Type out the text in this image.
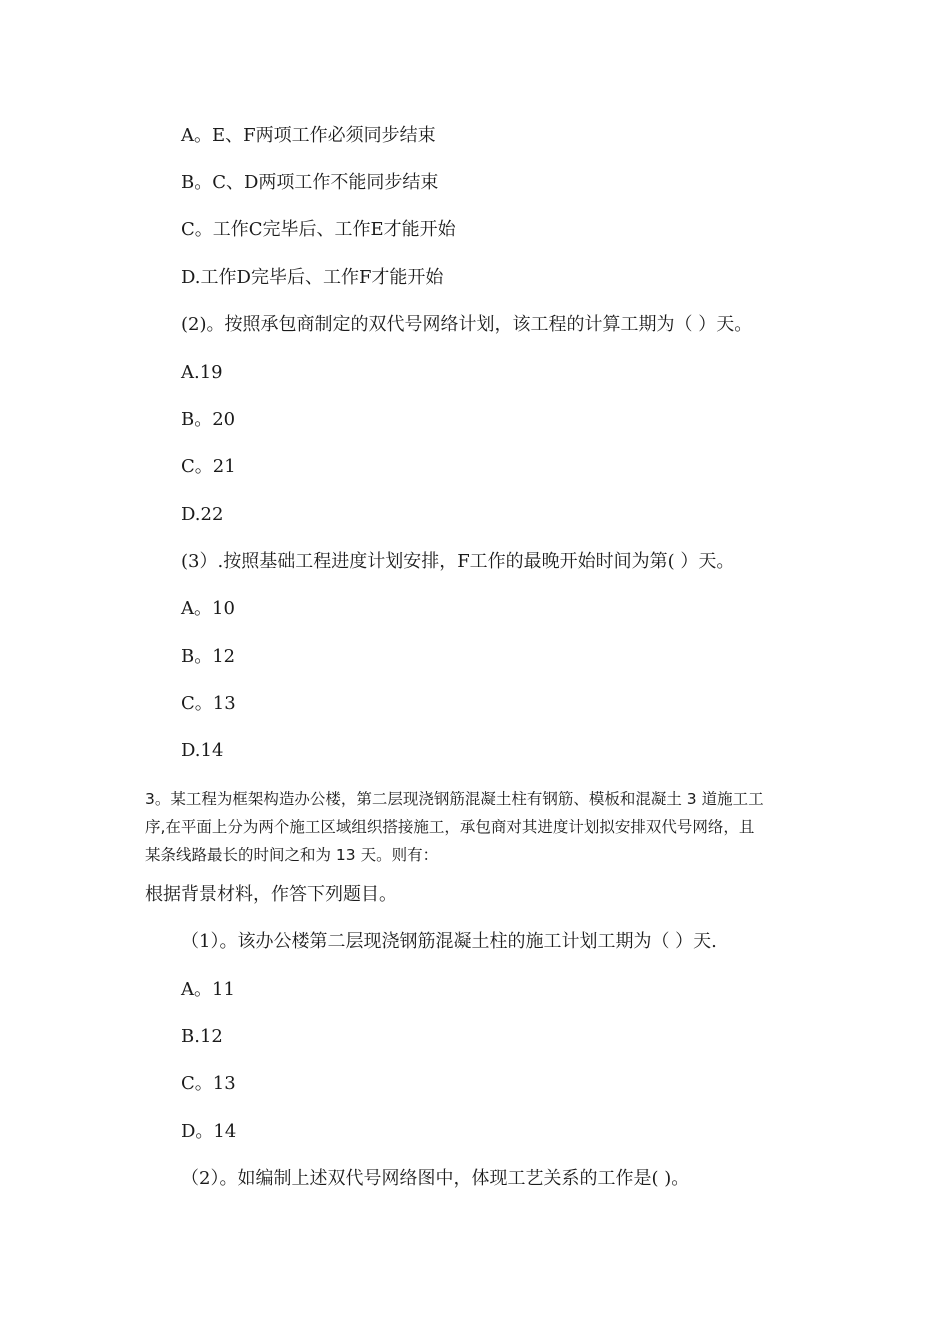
A。E、F两项工作必须同步结束
B。C、D两项工作不能同步结束
C。工作C完毕后、工作E才能开始
D.工作D完毕后、工作F才能开始
(2)。按照承包商制定的双代号网络计划，该工程的计算工期为（ ）天。
A.19
B。20
C。21
D.22
(3）.按照基础工程进度计划安排，F工作的最晚开始时间为第( ）天。
A。10
B。12
C。13
D.14
3。某工程为框架构造办公楼，第二层现浇钢筋混凝土柱有钢筋、模板和混凝土 3 道施工工
序,在平面上分为两个施工区域组织搭接施工，承包商对其进度计划拟安排双代号网络，且
某条线路最长的时间之和为 13 天。则有：
根据背景材料，作答下列题目。
（1）。该办公楼第二层现浇钢筋混凝土柱的施工计划工期为（ ）天.
A。11
B.12
C。13
D。14
（2）。如编制上述双代号网络图中，体现工艺关系的工作是( )。
